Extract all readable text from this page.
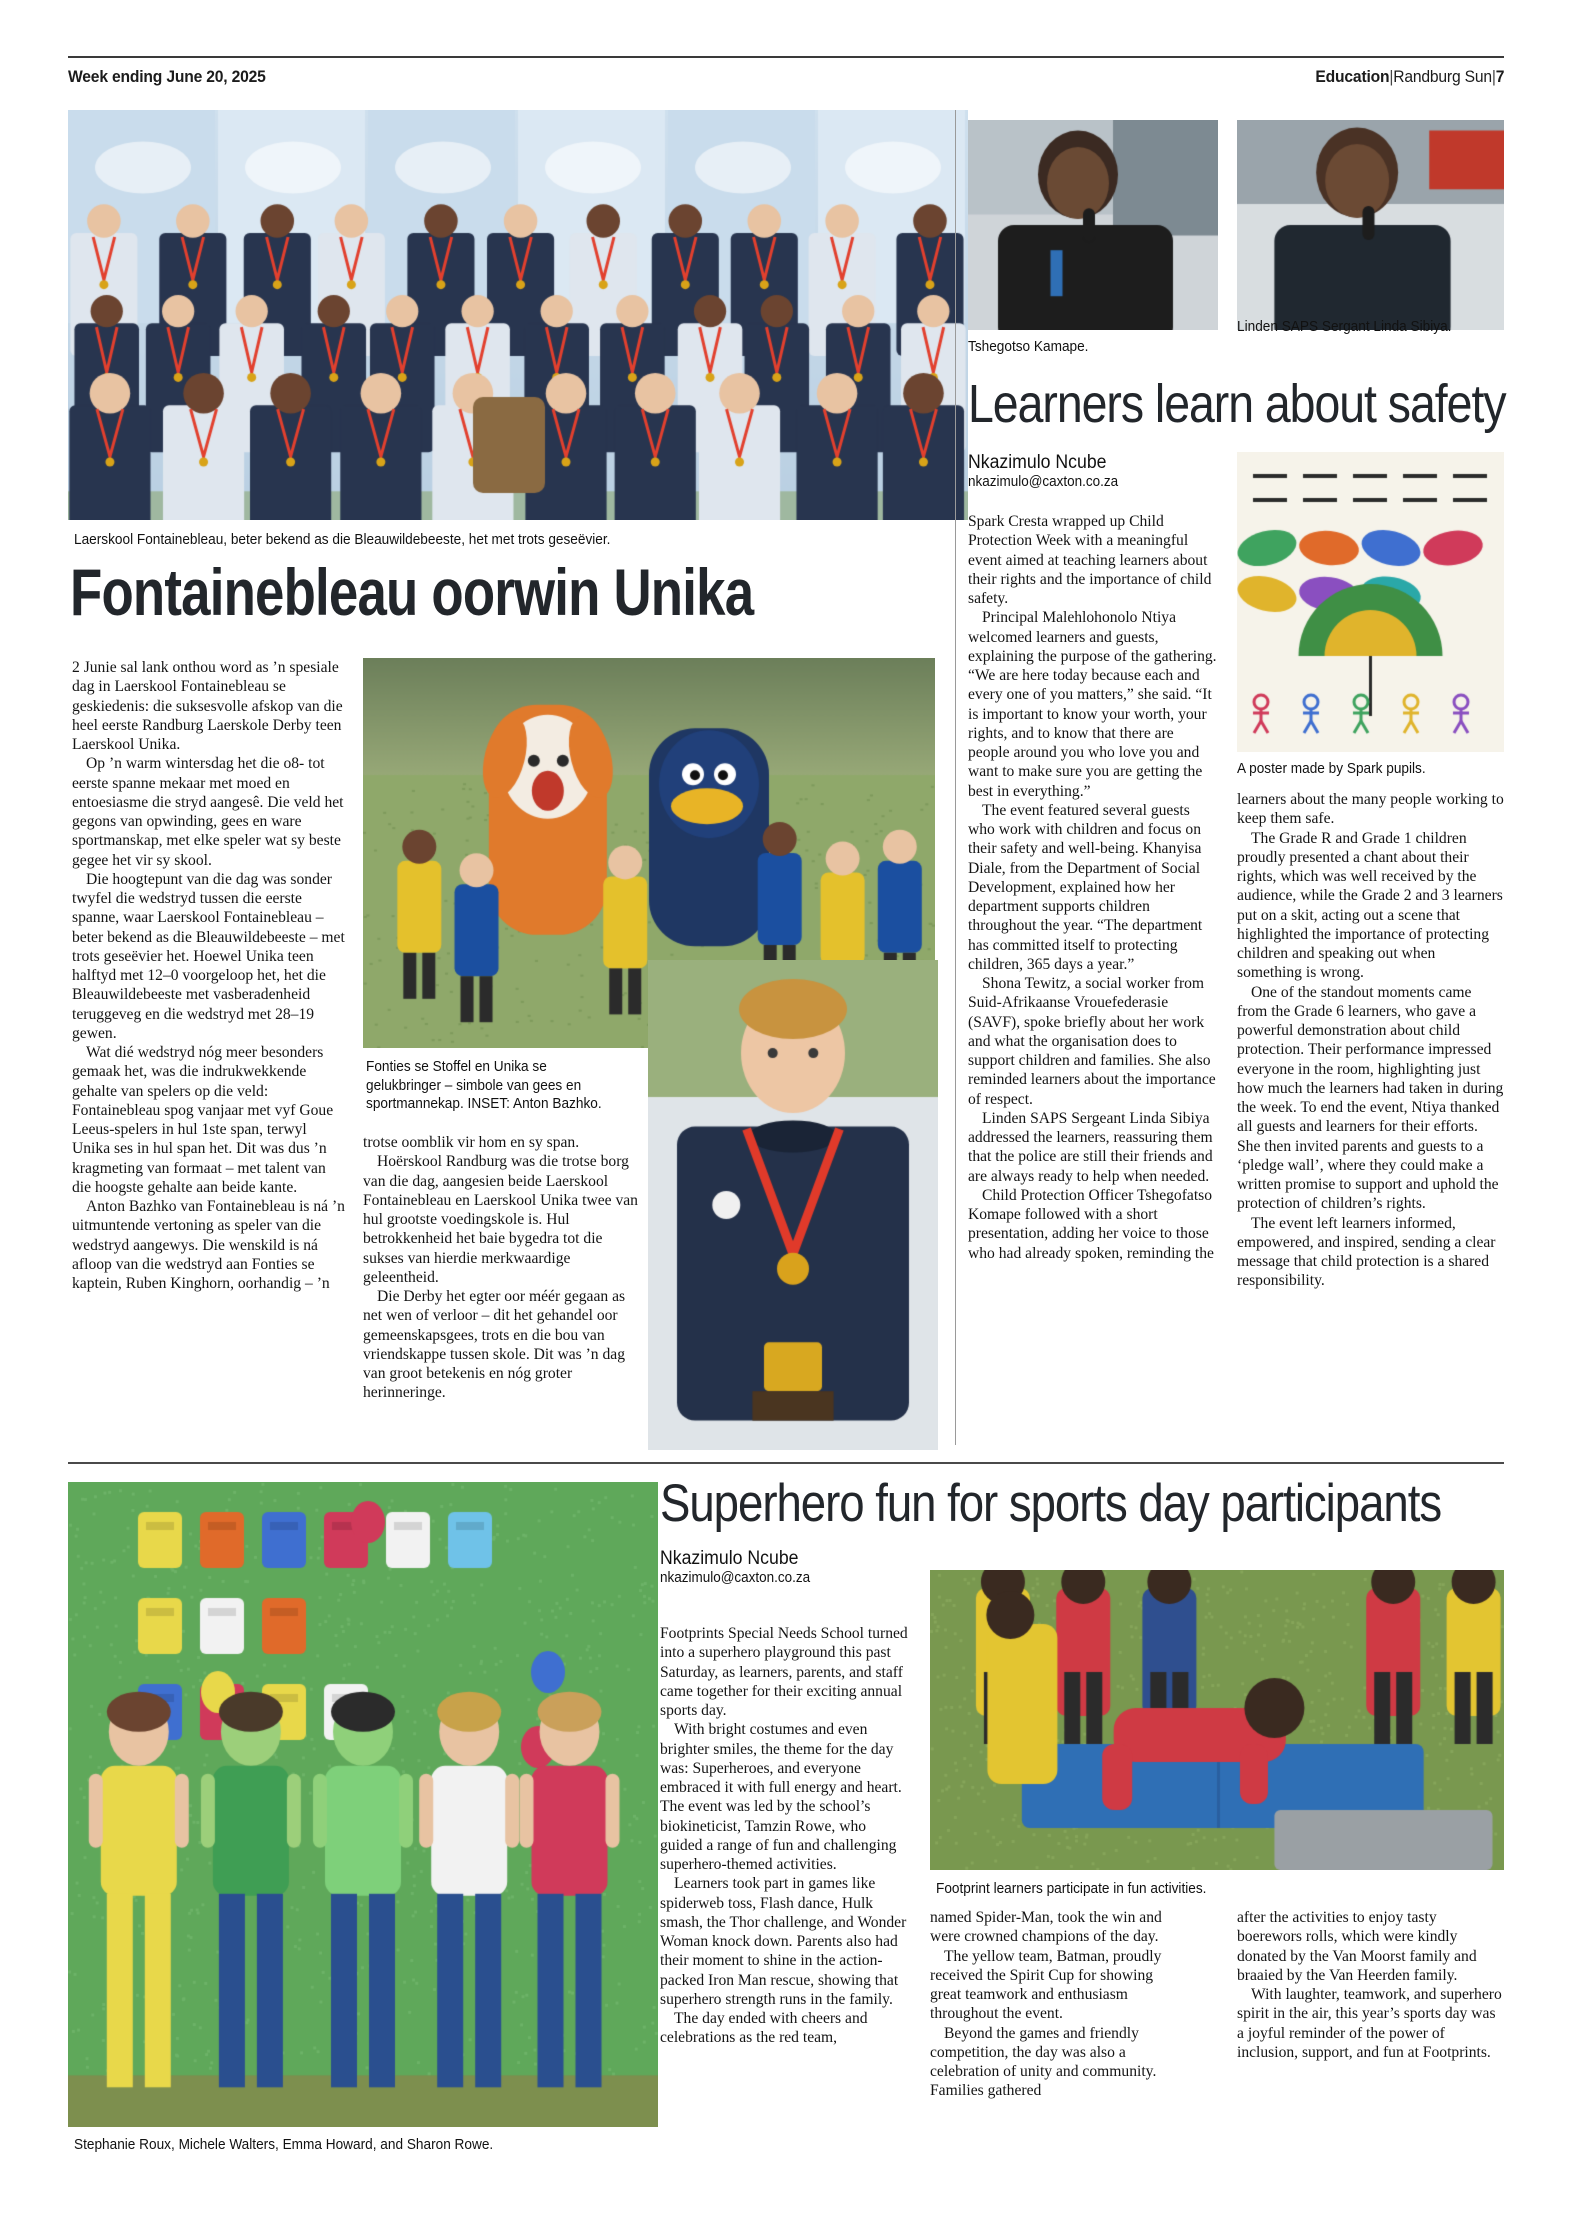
Week ending June 20, 2025	Education|Randburg Sun|7
Laerskool Fontainebleau, beter bekend as die Bleauwildebeeste, het met trots geseëvier.
Fontainebleau oorwin Unika

2 Junie sal lank onthou word as ’n spesiale dag in Laerskool Fontainebleau se geskiedenis: die suksesvolle afskop van die heel eerste Randburg Laerskole Derby teen Laerskool Unika.

Op ’n warm wintersdag het die o8- tot eerste spanne mekaar met moed en entoesiasme die stryd aangesê. Die veld het gegons van opwinding, gees en ware sportmanskap, met elke speler wat sy beste gegee het vir sy skool.

Die hoogtepunt van die dag was sonder twyfel die wedstryd tussen die eerste spanne, waar Laerskool Fontainebleau – beter bekend as die Bleauwildebeeste – met trots geseëvier het. Hoewel Unika teen halftyd met 12–0 voorgeloop het, het die Bleauwildebeeste met vasberadenheid teruggeveg en die wedstryd met 28–19 gewen.

Wat dié wedstryd nóg meer besonders gemaak het, was die indrukwekkende gehalte van spelers op die veld: Fontainebleau spog vanjaar met vyf Goue Leeus-spelers in hul 1ste span, terwyl Unika ses in hul span het. Dit was dus ’n kragmeting van formaat – met talent van die hoogste gehalte aan beide kante.

Anton Bazhko van Fontainebleau is ná ’n uitmuntende vertoning as speler van die wedstryd aangewys. Die wenskild is ná afloop van die wedstryd aan Fonties se kaptein, Ruben Kinghorn, oorhandig – ’n

Fonties se Stoffel en Unika se gelukbringer – simbole van gees en sportmannekap. INSET: Anton Bazhko.

trotse oomblik vir hom en sy span.

Hoërskool Randburg was die trotse borg van die dag, aangesien beide Laerskool Fontainebleau en Laerskool Unika twee van hul grootste voedingskole is. Hul betrokkenheid het baie bygedra tot die sukses van hierdie merkwaardige geleentheid.

Die Derby het egter oor méér gegaan as net wen of verloor – dit het gehandel oor gemeenskapsgees, trots en die bou van vriendskappe tussen skole. Dit was ’n dag van groot betekenis en nóg groter herinneringe.

Tshegotso Kamape.
Linden SAPS Sergant Linda Sibiya.
Learners learn about safety
Nkazimulo Ncube
nkazimulo@caxton.co.za
A poster made by Spark pupils.

Spark Cresta wrapped up Child Protection Week with a meaningful event aimed at teaching learners about their rights and the importance of child safety.

Principal Malehlohonolo Ntiya welcomed learners and guests, explaining the purpose of the gathering. “We are here today because each and every one of you matters,” she said. “It is important to know your worth, your rights, and to know that there are people around you who love you and want to make sure you are getting the best in everything.”

The event featured several guests who work with children and focus on their safety and well-being. Khanyisa Diale, from the Department of Social Development, explained how her department supports children throughout the year. “The department has committed itself to protecting children, 365 days a year.”

Shona Tewitz, a social worker from Suid-Afrikaanse Vrouefederasie (SAVF), spoke briefly about her work and what the organisation does to support children and families. She also reminded learners about the importance of respect.

Linden SAPS Sergeant Linda Sibiya addressed the learners, reassuring them that the police are still their friends and are always ready to help when needed.

Child Protection Officer Tshegofatso Komape followed with a short presentation, adding her voice to those who had already spoken, reminding the

learners about the many people working to keep them safe.

The Grade R and Grade 1 children proudly presented a chant about their rights, which was well received by the audience, while the Grade 2 and 3 learners put on a skit, acting out a scene that highlighted the importance of protecting children and speaking out when something is wrong.

One of the standout moments came from the Grade 6 learners, who gave a powerful demonstration about child protection. Their performance impressed everyone in the room, highlighting just how much the learners had taken in during the week. To end the event, Ntiya thanked all guests and learners for their efforts. She then invited parents and guests to a ‘pledge wall’, where they could make a written promise to support and uphold the protection of children’s rights.

The event left learners informed, empowered, and inspired, sending a clear message that child protection is a shared responsibility.

Stephanie Roux, Michele Walters, Emma Howard, and Sharon Rowe.
Superhero fun for sports day participants
Nkazimulo Ncube
nkazimulo@caxton.co.za
Footprint learners participate in fun activities.

Footprints Special Needs School turned into a superhero playground this past Saturday, as learners, parents, and staff came together for their exciting annual sports day.

With bright costumes and even brighter smiles, the theme for the day was: Superheroes, and everyone embraced it with full energy and heart. The event was led by the school’s biokineticist, Tamzin Rowe, who guided a range of fun and challenging superhero-themed activities.

Learners took part in games like spiderweb toss, Flash dance, Hulk smash, the Thor challenge, and Wonder Woman knock down. Parents also had their moment to shine in the action-packed Iron Man rescue, showing that superhero strength runs in the family.

The day ended with cheers and celebrations as the red team,

named Spider-Man, took the win and were crowned champions of the day.

The yellow team, Batman, proudly received the Spirit Cup for showing great teamwork and enthusiasm throughout the event.

Beyond the games and friendly competition, the day was also a celebration of unity and community. Families gathered

after the activities to enjoy tasty boerewors rolls, which were kindly donated by the Van Moorst family and braaied by the Van Heerden family.

With laughter, teamwork, and superhero spirit in the air, this year’s sports day was a joyful reminder of the power of inclusion, support, and fun at Footprints.
